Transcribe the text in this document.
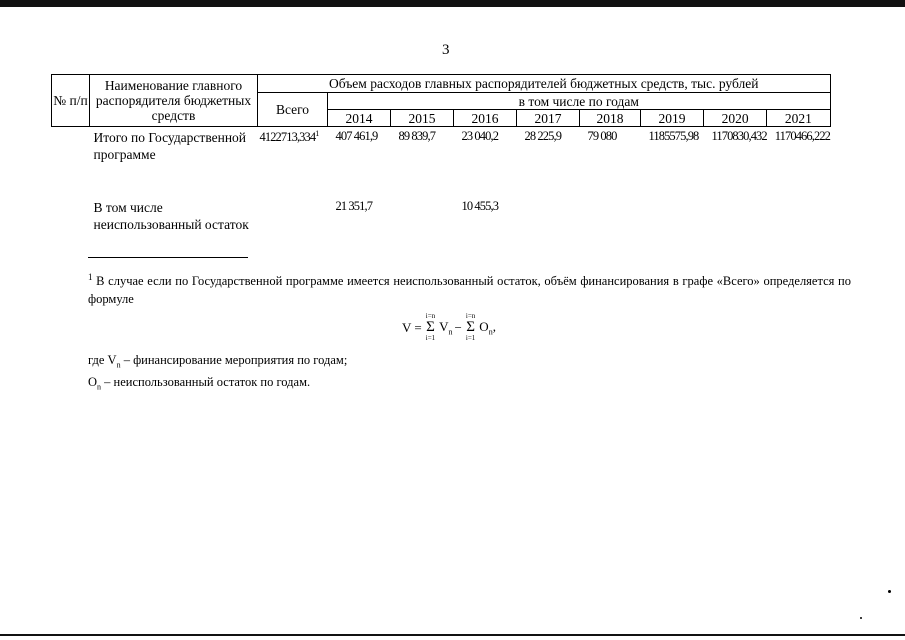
3
№ п/п	Наименование главного распорядителя бюджетных средств	Объем расходов главных распорядителей бюджетных средств, тыс. рублей								
		Всего	в том числе по годам							
			2014	2015	2016	2017	2018	2019	2020	2021
Итого по Государственной программе		4122713,334$^1$	407 461,9	89 839,7	23 040,2	28 225,9	79 080	1185575,98	1170830,432	1170466,222
В том числе неиспользованный остаток			21 351,7		10 455,3					
$^1$ В случае если по Государственной программе имеется неиспользованный остаток, объём финансирования в графе «Всего» определяется по формуле
V =
i=n
Σ
i=1
$V_n$ −
i=n
Σ
i=1
$O_n$,
где $V_n$ – финансирование мероприятия по годам;
$O_n$ – неиспользованный остаток по годам.
